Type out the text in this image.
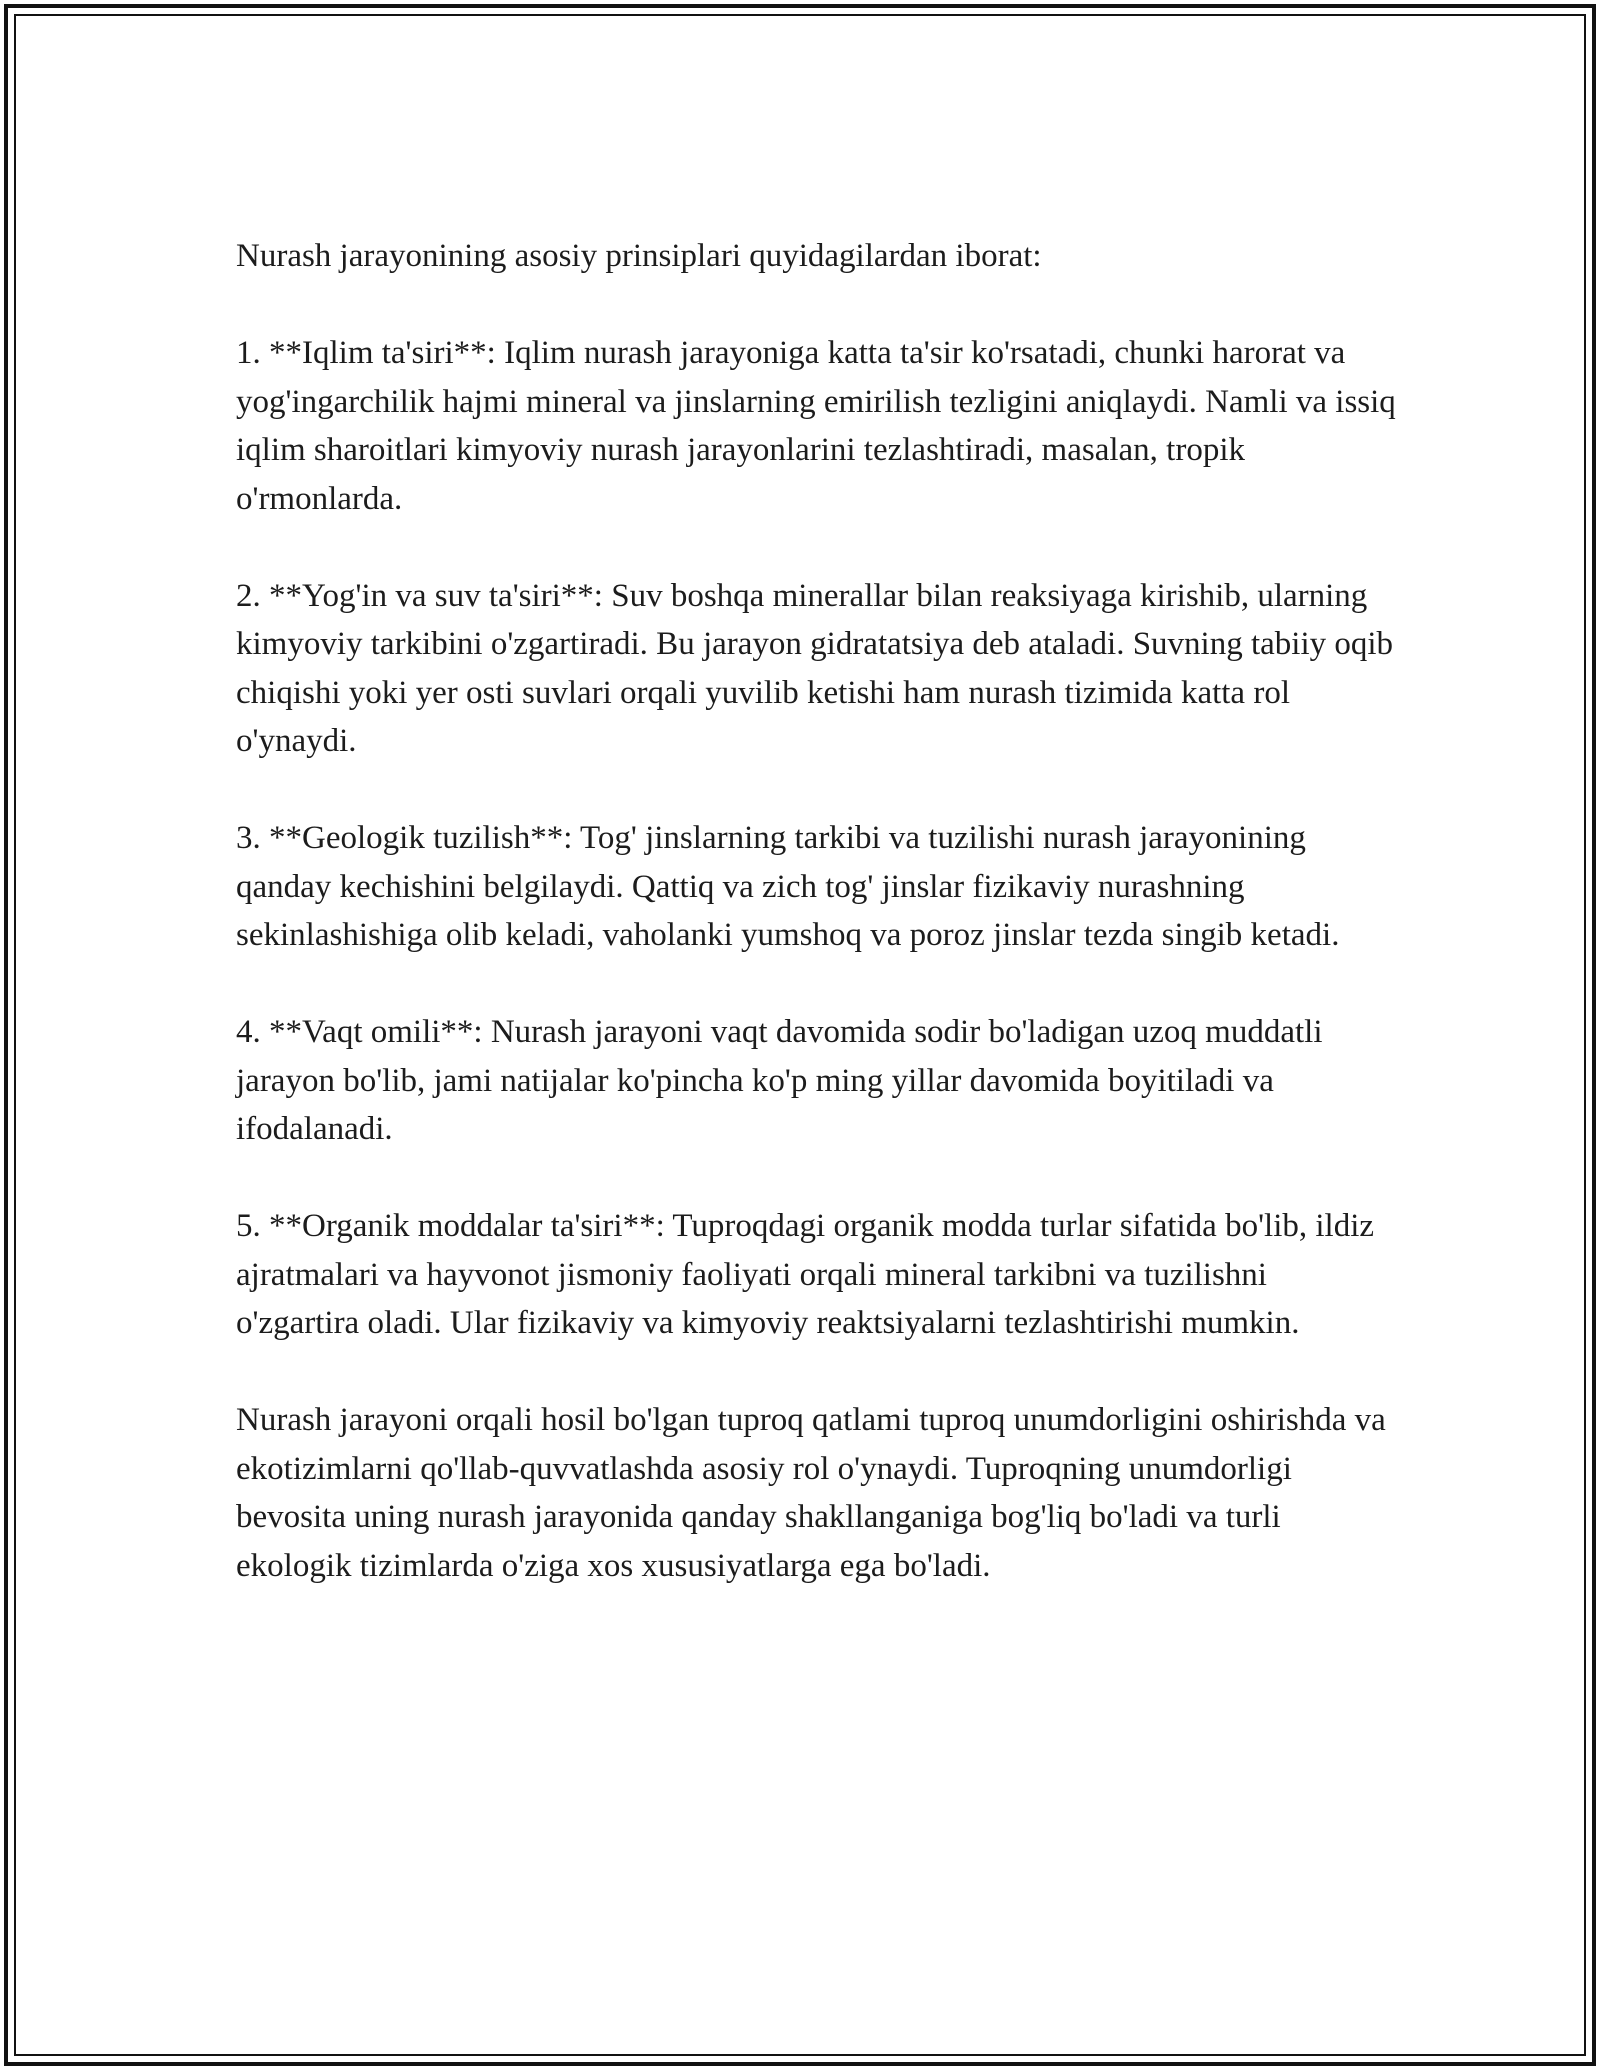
Nurash jarayonining asosiy prinsiplari quyidagilardan iborat:

1. **Iqlim ta'siri**: Iqlim nurash jarayoniga katta ta'sir ko'rsatadi, chunki harorat va yog'ingarchilik hajmi mineral va jinslarning emirilish tezligini aniqlaydi. Namli va issiq iqlim sharoitlari kimyoviy nurash jarayonlarini tezlashtiradi, masalan, tropik o'rmonlarda.

2. **Yog'in va suv ta'siri**: Suv boshqa minerallar bilan reaksiyaga kirishib, ularning kimyoviy tarkibini o'zgartiradi. Bu jarayon gidratatsiya deb ataladi. Suvning tabiiy oqib chiqishi yoki yer osti suvlari orqali yuvilib ketishi ham nurash tizimida katta rol o'ynaydi.

3. **Geologik tuzilish**: Tog' jinslarning tarkibi va tuzilishi nurash jarayonining qanday kechishini belgilaydi. Qattiq va zich tog' jinslar fizikaviy nurashning sekinlashishiga olib keladi, vaholanki yumshoq va poroz jinslar tezda singib ketadi.

4. **Vaqt omili**: Nurash jarayoni vaqt davomida sodir bo'ladigan uzoq muddatli jarayon bo'lib, jami natijalar ko'pincha ko'p ming yillar davomida boyitiladi va ifodalanadi.

5. **Organik moddalar ta'siri**: Tuproqdagi organik modda turlar sifatida bo'lib, ildiz ajratmalari va hayvonot jismoniy faoliyati orqali mineral tarkibni va tuzilishni o'zgartira oladi. Ular fizikaviy va kimyoviy reaktsiyalarni tezlashtirishi mumkin.

Nurash jarayoni orqali hosil bo'lgan tuproq qatlami tuproq unumdorligini oshirishda va ekotizimlarni qo'llab-quvvatlashda asosiy rol o'ynaydi. Tuproqning unumdorligi bevosita uning nurash jarayonida qanday shakllanganiga bog'liq bo'ladi va turli ekologik tizimlarda o'ziga xos xususiyatlarga ega bo'ladi.
